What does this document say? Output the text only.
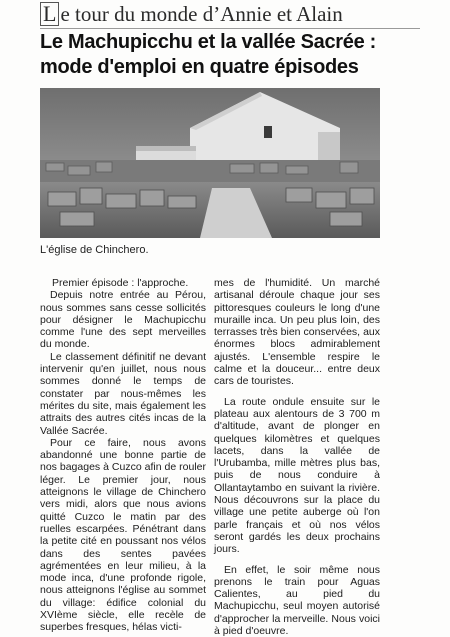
L e tour du monde d’Annie et Alain
Le Machupicchu et la vallée Sacrée :
mode d'emploi en quatre épisodes
L'église de Chinchero.

Premier épisode : l'approche.

Depuis notre entrée au Pérou, nous sommes sans cesse sollicités pour désigner le Machupicchu comme l'une des sept merveilles du monde.

Le classement définitif ne devant intervenir qu'en juillet, nous nous sommes donné le temps de constater par nous-mêmes les mérites du site, mais également les attraits des autres cités incas de la Vallée Sacrée.

Pour ce faire, nous avons abandonné une bonne partie de nos bagages à Cuzco afin de rouler léger. Le premier jour, nous atteignons le village de Chinchero vers midi, alors que nous avions quitté Cuzco le matin par des ruelles escarpées. Pénétrant dans la petite cité en poussant nos vélos dans des sentes pavées agrémentées en leur milieu, à la mode inca, d'une profonde rigole, nous atteignons l'église au sommet du village: édifice colonial du XVIème siècle, elle recèle de superbes fresques, hélas victi-

mes de l'humidité. Un marché artisanal déroule chaque jour ses pittoresques couleurs le long d'une muraille inca. Un peu plus loin, des terrasses très bien conservées, aux énormes blocs admirablement ajustés. L'ensemble respire le calme et la douceur... entre deux cars de touristes.

La route ondule ensuite sur le plateau aux alentours de 3 700 m d'altitude, avant de plonger en quelques kilomètres et quelques lacets, dans la vallée de l'Urubamba, mille mètres plus bas, puis de nous conduire à Ollantaytambo en suivant la rivière. Nous découvrons sur la place du village une petite auberge où l'on parle français et où nos vélos seront gardés les deux prochains jours.

En effet, le soir même nous prenons le train pour Aguas Calientes, au pied du Machupicchu, seul moyen autorisé d'approcher la merveille. Nous voici à pied d'oeuvre.
